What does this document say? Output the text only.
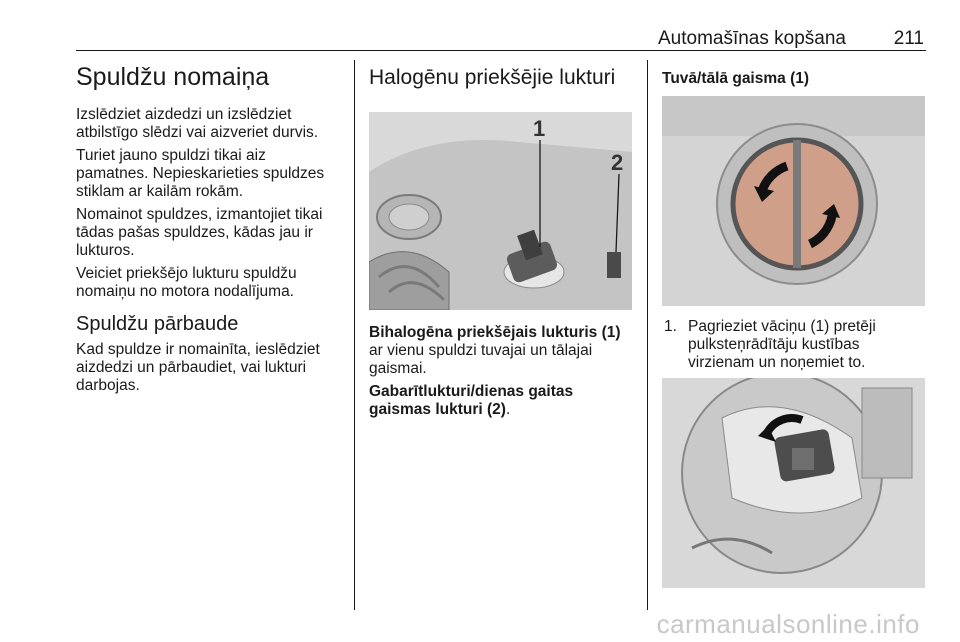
Automašīnas kopšana	211
Spuldžu nomaiņa

Izslēdziet aizdedzi un izslēdziet atbilstīgo slēdzi vai aizveriet durvis.

Turiet jauno spuldzi tikai aiz pamatnes. Nepieskarieties spuldzes stiklam ar kailām rokām.

Nomainot spuldzes, izmantojiet tikai tādas pašas spuldzes, kādas jau ir lukturos.

Veiciet priekšējo lukturu spuldžu nomaiņu no motora nodalījuma.

Spuldžu pārbaude

Kad spuldze ir nomainīta, ieslēdziet aizdedzi un pārbaudiet, vai lukturi darbojas.

Halogēnu priekšējie lukturi
1
2

Bihalogēna priekšējais lukturis (1) ar vienu spuldzi tuvajai un tālajai gaismai.

Gabarītlukturi/dienas gaitas gaismas lukturi (2).

Tuvā/tālā gaisma (1)
1. Pagrieziet vāciņu (1) pretēji pulksteņrādītāju kustības virzienam un noņemiet to.
carmanualsonline.info
